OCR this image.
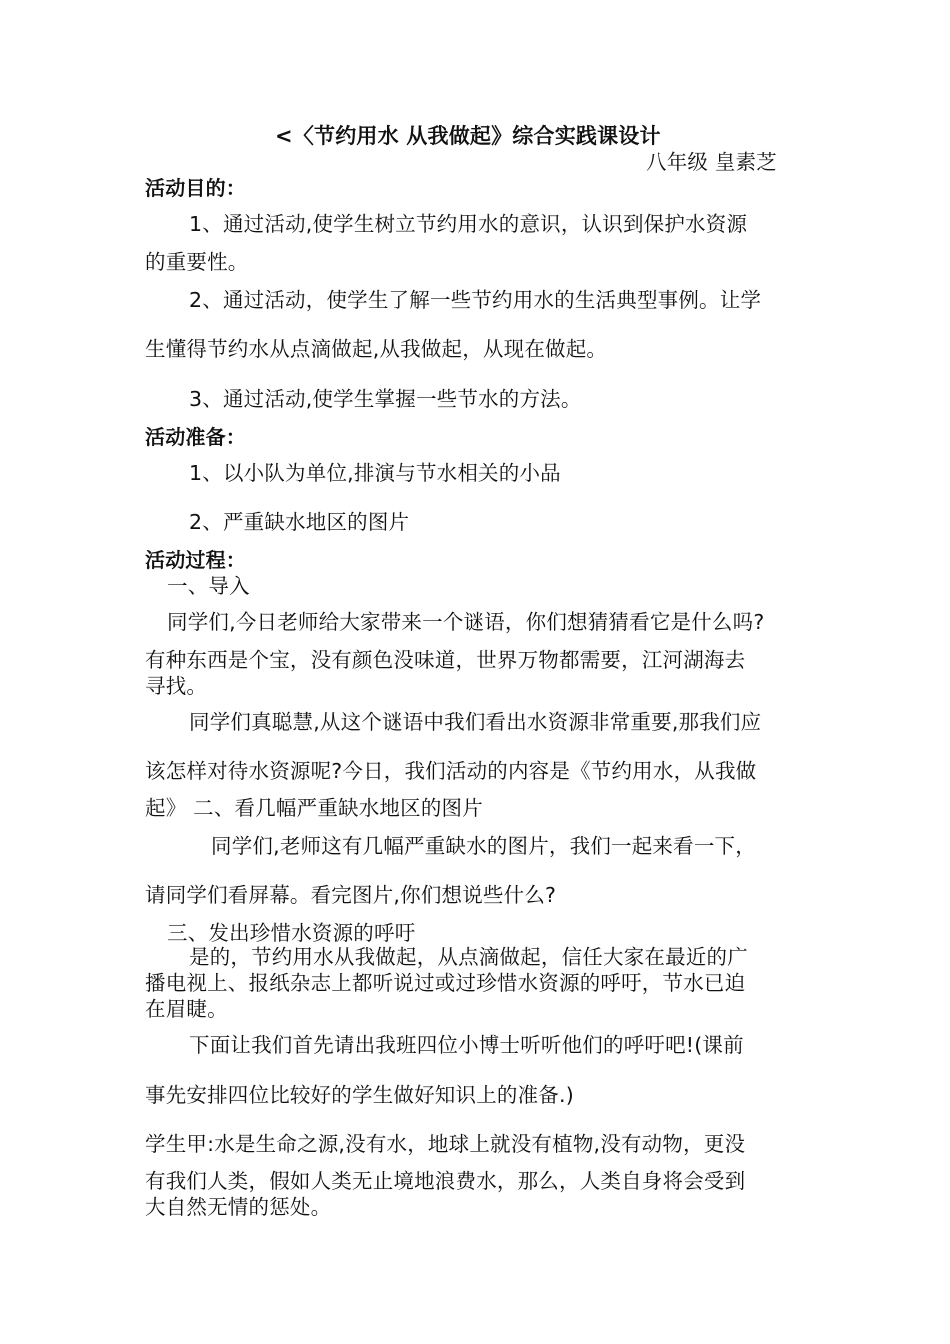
<〈节约用水 从我做起》综合实践课设计
八年级 皇素芝
活动目的：
1、通过活动,使学生树立节约用水的意识，认识到保护水资源
的重要性。
2、通过活动，使学生了解一些节约用水的生活典型事例。让学
生懂得节约水从点滴做起,从我做起，从现在做起。
3、通过活动,使学生掌握一些节水的方法。
活动准备：
1、以小队为单位,排演与节水相关的小品
2、严重缺水地区的图片
活动过程：
一、导入
同学们,今日老师给大家带来一个谜语，你们想猜猜看它是什么吗?
有种东西是个宝，没有颜色没味道，世界万物都需要，江河湖海去
寻找。
同学们真聪慧,从这个谜语中我们看出水资源非常重要,那我们应
该怎样对待水资源呢?今日，我们活动的内容是《节约用水，从我做
起》 二、看几幅严重缺水地区的图片
同学们,老师这有几幅严重缺水的图片，我们一起来看一下，
请同学们看屏幕。看完图片,你们想说些什么?
三、发出珍惜水资源的呼吁
是的，节约用水从我做起，从点滴做起，信任大家在最近的广
播电视上、报纸杂志上都听说过或过珍惜水资源的呼吁，节水已迫
在眉睫。
下面让我们首先请出我班四位小博士听听他们的呼吁吧!(课前
事先安排四位比较好的学生做好知识上的准备.)
学生甲:水是生命之源,没有水，地球上就没有植物,没有动物，更没
有我们人类，假如人类无止境地浪费水，那么，人类自身将会受到
大自然无情的惩处。
